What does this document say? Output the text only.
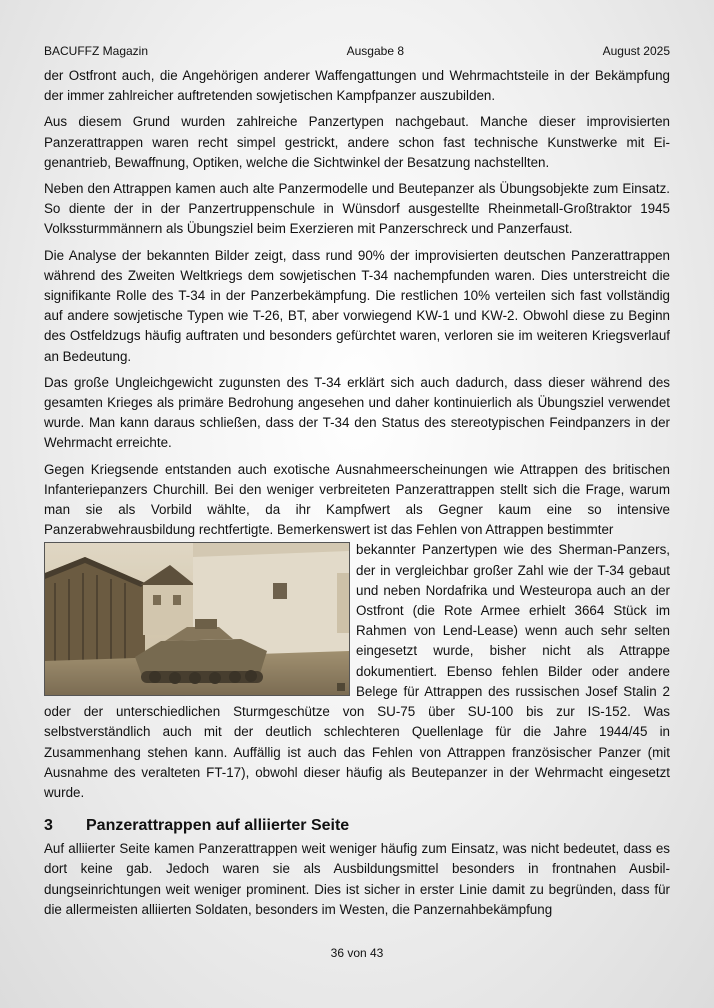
BACUFFZ Magazin	Ausgabe 8	August 2025

der Ostfront auch, die Angehörigen anderer Waffengattungen und Wehrmachtsteile in der Bekämpfung der immer zahlreicher auftretenden sowjetischen Kampfpanzer auszubilden.

Aus diesem Grund wurden zahlreiche Panzertypen nachgebaut. Manche dieser improvisierten Panzerattrappen waren recht simpel gestrickt, andere schon fast technische Kunstwerke mit Eigenantrieb, Bewaffnung, Optiken, welche die Sichtwinkel der Besatzung nachstellten.

Neben den Attrappen kamen auch alte Panzermodelle und Beutepanzer als Übungsobjekte zum Einsatz. So diente der in der Panzertruppenschule in Wünsdorf ausgestellte Rheinmetall-Großtraktor 1945 Volkssturmmännern als Übungsziel beim Exerzieren mit Panzerschreck und Panzerfaust.

Die Analyse der bekannten Bilder zeigt, dass rund 90% der improvisierten deutschen Panzerattrappen während des Zweiten Weltkriegs dem sowjetischen T-34 nachempfunden waren. Dies unterstreicht die signifikante Rolle des T-34 in der Panzerbekämpfung. Die restlichen 10% verteilen sich fast vollständig auf andere sowjetische Typen wie T-26, BT, aber vorwiegend KW-1 und KW-2. Obwohl diese zu Beginn des Ostfeldzugs häufig auftraten und besonders gefürchtet waren, verloren sie im weiteren Kriegsverlauf an Bedeutung.

Das große Ungleichgewicht zugunsten des T-34 erklärt sich auch dadurch, dass dieser während des gesamten Krieges als primäre Bedrohung angesehen und daher kontinuierlich als Übungsziel verwendet wurde. Man kann daraus schließen, dass der T-34 den Status des stereotypischen Feindpanzers in der Wehrmacht erreichte.

Gegen Kriegsende entstanden auch exotische Ausnahmeerscheinungen wie Attrappen des britischen Infanteriepanzers Churchill. Bei den weniger verbreiteten Panzerattrappen stellt sich die Frage, warum man sie als Vorbild wählte, da ihr Kampfwert als Gegner kaum eine so intensive Panzerabwehrausbildung rechtfertigte. Bemerkenswert ist das Fehlen von Attrappen bestimmter

bekannter Panzertypen wie des Sherman-Panzers, der in vergleichbar großer Zahl wie der T-34 gebaut und neben Nordafrika und Westeuropa auch an der Ostfront (die Rote Armee erhielt 3664 Stück im Rahmen von Lend-Lease) wenn auch sehr selten eingesetzt wurde, bisher nicht als Attrappe dokumentiert. Ebenso fehlen Bilder oder andere Belege für Attrappen des russischen Josef Stalin 2 oder der unterschiedlichen Sturmgeschütze von SU-75 über SU-100 bis zur IS-152. Was selbstverständlich auch mit der deutlich schlechteren Quellenlage für die Jahre 1944/45 in Zusammenhang stehen kann. Auffällig ist auch das Fehlen von Attrappen französischer Panzer (mit Ausnahme des veralteten FT-17), obwohl dieser häufig als Beutepanzer in der Wehrmacht eingesetzt wurde.

3	Panzerattrappen auf alliierter Seite

Auf alliierter Seite kamen Panzerattrappen weit weniger häufig zum Einsatz, was nicht bedeutet, dass es dort keine gab. Jedoch waren sie als Ausbildungsmittel besonders in frontnahen Ausbildungseinrichtungen weit weniger prominent. Dies ist sicher in erster Linie damit zu begründen, dass für die allermeisten alliierten Soldaten, besonders im Westen, die Panzernahbekämpfung

36 von 43
